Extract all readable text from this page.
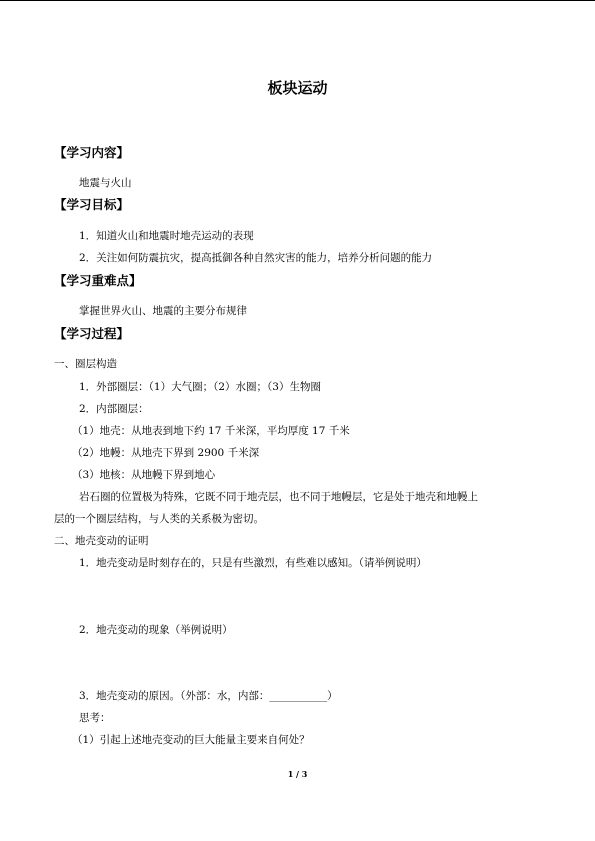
板块运动
【学习内容】
地震与火山
【学习目标】
1．知道火山和地震时地壳运动的表现
2．关注如何防震抗灾，提高抵御各种自然灾害的能力，培养分析问题的能力
【学习重难点】
掌握世界火山、地震的主要分布规律
【学习过程】
一、圈层构造
1．外部圈层：（1）大气圈；（2）水圈；（3）生物圈
2．内部圈层：
（1）地壳：从地表到地下约 17 千米深，平均厚度 17 千米
（2）地幔：从地壳下界到 2900 千米深
（3）地核：从地幔下界到地心
岩石圈的位置极为特殊，它既不同于地壳层，也不同于地幔层，它是处于地壳和地幔上
层的一个圈层结构，与人类的关系极为密切。
二、地壳变动的证明
1．地壳变动是时刻存在的，只是有些激烈，有些难以感知。（请举例说明）
2．地壳变动的现象（举例说明）
3．地壳变动的原因。（外部：水，内部：___________）
思考：
（1）引起上述地壳变动的巨大能量主要来自何处？
1 / 3
